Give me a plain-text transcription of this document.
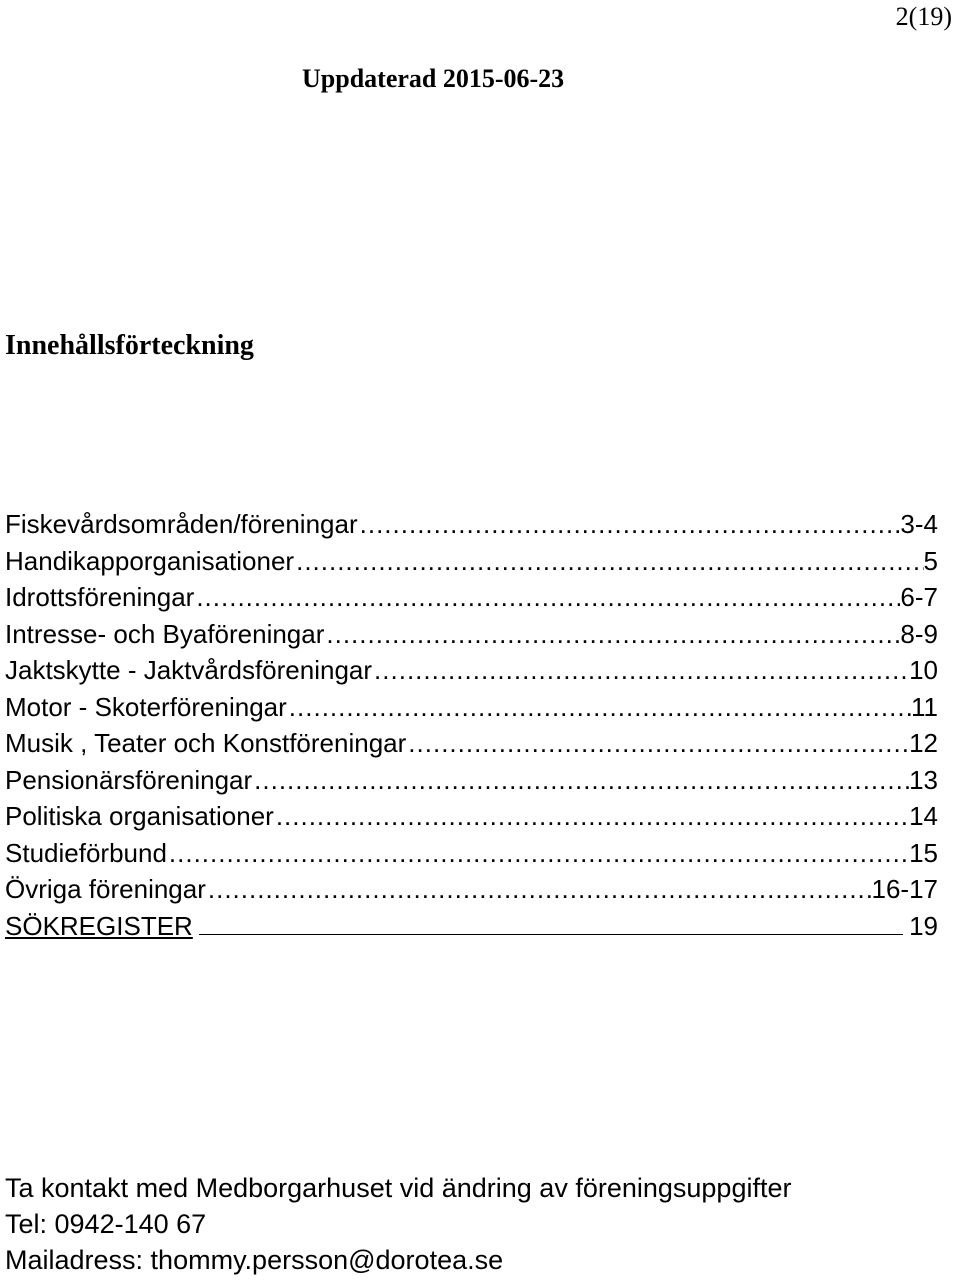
2(19)
Uppdaterad 2015-06-23
Innehållsförteckning
Fiskevårdsområden/föreningar .....	3-4
Handikapporganisationer .....	5
Idrottsföreningar .....	6-7
Intresse- och Byaföreningar .....	8-9
Jaktskytte - Jaktvårdsföreningar .....	10
Motor - Skoterföreningar .....	11
Musik , Teater och Konstföreningar .....	12
Pensionärsföreningar .....	13
Politiska organisationer .....	14
Studieförbund .....	15
Övriga föreningar .....	16-17
SÖKREGISTER	19
Ta kontakt med Medborgarhuset vid ändring av föreningsuppgifter
Tel: 0942-140 67
Mailadress: thommy.persson@dorotea.se
